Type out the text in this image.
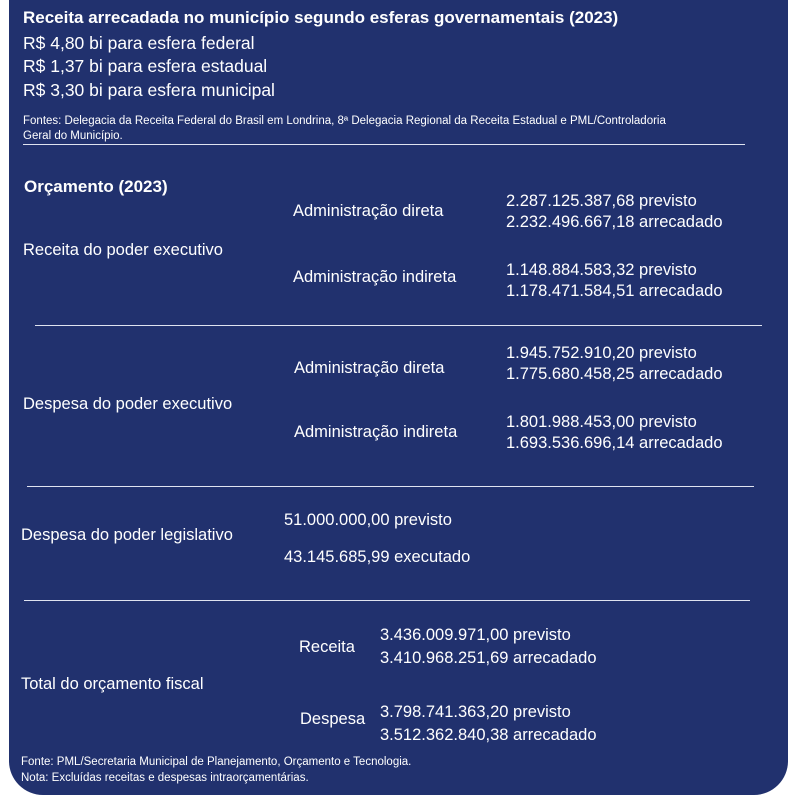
Receita arrecadada no município segundo esferas governamentais (2023)
R$ 4,80 bi para esfera federal
R$ 1,37 bi para esfera estadual
R$ 3,30 bi para esfera municipal
Fontes: Delegacia da Receita Federal do Brasil em Londrina, 8ª Delegacia Regional da Receita Estadual e PML/Controladoria
Geral do Município.
Orçamento (2023)
Receita do poder executivo
Administração direta
2.287.125.387,68 previsto
2.232.496.667,18 arrecadado
Administração indireta	1.148.884.583,32 previsto
1.178.471.584,51 arrecadado
Despesa do poder executivo
Administração direta
1.945.752.910,20 previsto
1.775.680.458,25 arrecadado
Administração indireta
1.801.988.453,00 previsto
1.693.536.696,14 arrecadado
Despesa do poder legislativo
51.000.000,00 previsto
43.145.685,99 executado
Total do orçamento fiscal
Receita
3.436.009.971,00 previsto
3.410.968.251,69 arrecadado
Despesa 3.798.741.363,20 previsto
3.512.362.840,38 arrecadado
Fonte: PML/Secretaria Municipal de Planejamento, Orçamento e Tecnologia.
Nota: Excluídas receitas e despesas intraorçamentárias.
